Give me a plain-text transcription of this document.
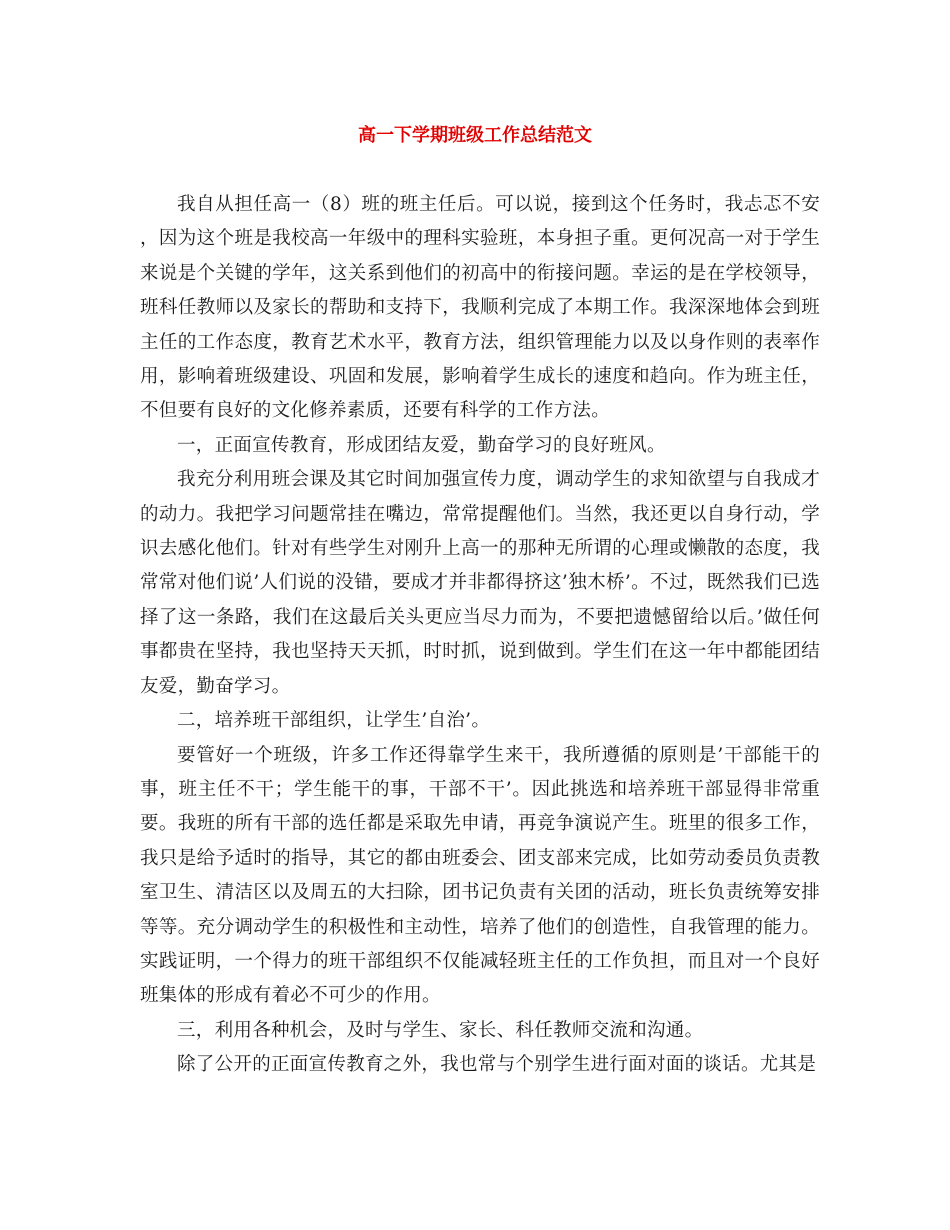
高一下学期班级工作总结范文

我自从担任高一（8）班的班主任后。可以说，接到这个任务时，我忐忑不安，因为这个班是我校高一年级中的理科实验班，本身担子重。更何况高一对于学生来说是个关键的学年，这关系到他们的初高中的衔接问题。幸运的是在学校领导，班科任教师以及家长的帮助和支持下，我顺利完成了本期工作。我深深地体会到班主任的工作态度，教育艺术水平，教育方法，组织管理能力以及以身作则的表率作用，影响着班级建设、巩固和发展，影响着学生成长的速度和趋向。作为班主任，不但要有良好的文化修养素质，还要有科学的工作方法。

一，正面宣传教育，形成团结友爱，勤奋学习的良好班风。

我充分利用班会课及其它时间加强宣传力度，调动学生的求知欲望与自我成才的动力。我把学习问题常挂在嘴边，常常提醒他们。当然，我还更以自身行动，学识去感化他们。针对有些学生对刚升上高一的那种无所谓的心理或懒散的态度，我常常对他们说’人们说的没错，要成才并非都得挤这’独木桥’。不过，既然我们已选择了这一条路，我们在这最后关头更应当尽力而为，不要把遗憾留给以后。’做任何事都贵在坚持，我也坚持天天抓，时时抓，说到做到。学生们在这一年中都能团结友爱，勤奋学习。

二，培养班干部组织，让学生’自治’。

要管好一个班级，许多工作还得靠学生来干，我所遵循的原则是’干部能干的事，班主任不干；学生能干的事，干部不干’。因此挑选和培养班干部显得非常重要。我班的所有干部的选任都是采取先申请，再竞争演说产生。班里的很多工作，我只是给予适时的指导，其它的都由班委会、团支部来完成，比如劳动委员负责教室卫生、清洁区以及周五的大扫除，团书记负责有关团的活动，班长负责统筹安排等等。充分调动学生的积极性和主动性，培养了他们的创造性，自我管理的能力。实践证明，一个得力的班干部组织不仅能减轻班主任的工作负担，而且对一个良好班集体的形成有着必不可少的作用。

三，利用各种机会，及时与学生、家长、科任教师交流和沟通。

除了公开的正面宣传教育之外，我也常与个别学生进行面对面的谈话。尤其是
